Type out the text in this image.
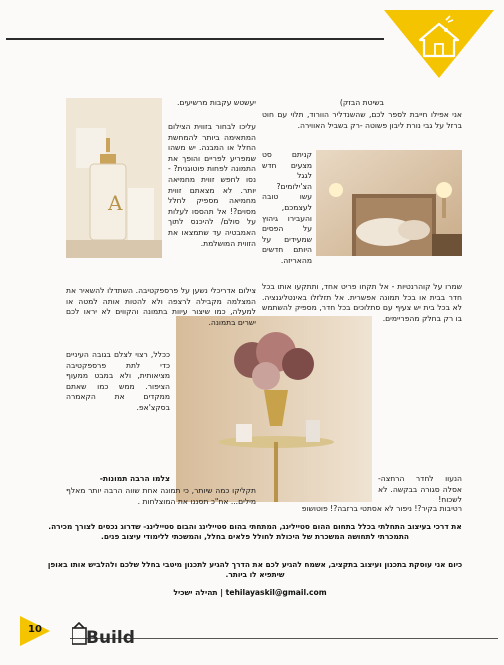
בשיטת הבזק)

אני אפילו חייבת לספר לכם, שהשנדליר הוורוד, תלוי עם חוט ברזל על גבי נורת ליבון פשוטה -רק בשביל האווירה.

קניתם סט מצעים חדש לגגל הצ'ילומים? עשו טובה לעצמכם, והעבירו גיהוץ על הפסים שמעידים על היותם חדשים מהאריזה.

שמרו על קוהרנטיות - אל תקחו פריט אחד, ותתקעו אותו בכל חדר בבית או בכל תמונה אפשרית. אל תזלזלו באינטליגנציה. לא בכל בית יש צעיף עם סתלוכים בכל חדר, מספיק להשתמש בו רק בחלק מהפריימים.

הנעוו לחדר הרחצה- אסלה סגורה בבקשה. לא לשכוח!

רטיבות בקיר?! ניפור לא אסתטי ברזבה?! פוטושופ

A

יעשטש עקבות מרשיעים.

עליכו לבחור בזווית הצילום המתאימה ביותר להמחשת החלל או המבנה. יש משהו שמפריע לפריים והופך את התמונה לפחות פוטוגנית? -נסו לחפש זווית מחמיאה יותר. לא מצאתם זווית מחמיאה מספיק לחלל מסוים?! אל תהססו לעלות על סולם/ להיכנס לתוך האמבטיה עד שתמצאו את הזווית המושלמת.

צילום אדריכלי נשען על פרספקטיבה. השתדלו להשאיר את המצלמה מקבילה לרצפה ולא להטות אותה למטה או למעלה, כמו שיצור עיוות בתמונה והקווים לא יראו לכם ישרים בתמונה.

ככלל, רצוי לצלם בגובה העיניים כדי לתת פרספקטיבה מציאותית, ולא במבט ממעוף הציפור. ממש כמו שאתם ממקדים את הקאמרה בסקצ'אפ.

צלמו הרבה תמונות-

תקליקו כמה שיותר, כי תמונה אחת שווה הרבה יותר מאלף מילים... אח"כ תסננו את המוצלחות .

את דרכי בעיצוב התחלתי בכלל בתחום ההום סטיילינג, המתחתי בהום סטיילינג והבום סטיילינג- שדרוג נכסים לצורך מכירה. התמכרתי לתחושה המשכרת של היכולת לחולל פלאים בחלל, והמשכתי ללימודי עיצוב פנים.

כיום אני עוסקת בתכנון ועיצוב בתקציב, אשמח להגיע לכם את הדרך להגיע לתכנון מיטבי בחלל שלכם ולהלביש אותו באופן שיתפיא לו ביותר.

תהילה ישכיל | tehilayaskil@gmail.com
10	Build
